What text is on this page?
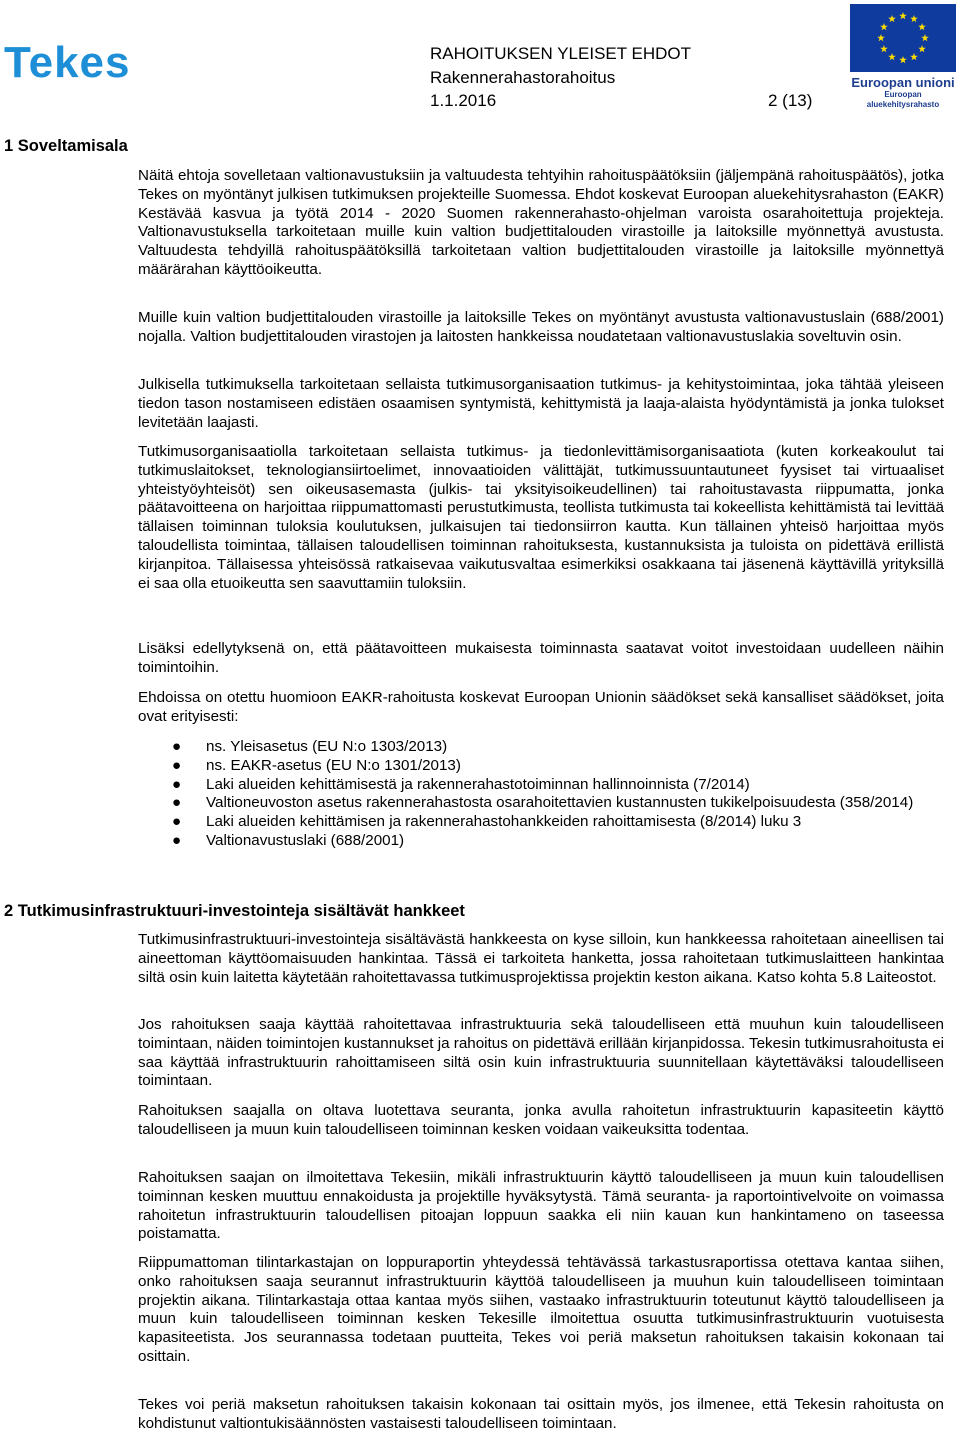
Tekes	RAHOITUKSEN YLEISET EHDOT
Rakennerahastorahoitus
1.1.2016	2 (13)
Euroopan unioni
Euroopan aluekehitysrahasto
1 Soveltamisala
Näitä ehtoja sovelletaan valtionavustuksiin ja valtuudesta tehtyihin rahoituspäätöksiin (jäljempänä rahoituspäätös), jotka Tekes on myöntänyt julkisen tutkimuksen projekteille Suomessa. Ehdot koskevat Euroopan aluekehitysrahaston (EAKR) Kestävää kasvua ja työtä 2014 - 2020 Suomen rakennerahasto-ohjelman varoista osarahoitettuja projekteja. Valtionavustuksella tarkoitetaan muille kuin valtion budjettitalouden virastoille ja laitoksille myönnettyä avustusta. Valtuudesta tehdyillä rahoituspäätöksillä tarkoitetaan valtion budjettitalouden virastoille ja laitoksille myönnettyä määrärahan käyttöoikeutta.
Muille kuin valtion budjettitalouden virastoille ja laitoksille Tekes on myöntänyt avustusta valtionavustuslain (688/2001) nojalla. Valtion budjettitalouden virastojen ja laitosten hankkeissa noudatetaan valtionavustuslakia soveltuvin osin.
Julkisella tutkimuksella tarkoitetaan sellaista tutkimusorganisaation tutkimus- ja kehitystoimintaa, joka tähtää yleiseen tiedon tason nostamiseen edistäen osaamisen syntymistä, kehittymistä ja laaja-alaista hyödyntämistä ja jonka tulokset levitetään laajasti.
Tutkimusorganisaatiolla tarkoitetaan sellaista tutkimus- ja tiedonlevittämisorganisaatiota (kuten korkeakoulut tai tutkimuslaitokset, teknologiansiirtoelimet, innovaatioiden välittäjät, tutkimussuuntautuneet fyysiset tai virtuaaliset yhteistyöyhteisöt) sen oikeusasemasta (julkis- tai yksityisoikeudellinen) tai rahoitustavasta riippumatta, jonka päätavoitteena on harjoittaa riippumattomasti perustutkimusta, teollista tutkimusta tai kokeellista kehittämistä tai levittää tällaisen toiminnan tuloksia koulutuksen, julkaisujen tai tiedonsiirron kautta. Kun tällainen yhteisö harjoittaa myös taloudellista toimintaa, tällaisen taloudellisen toiminnan rahoituksesta, kustannuksista ja tuloista on pidettävä erillistä kirjanpitoa. Tällaisessa yhteisössä ratkaisevaa vaikutusvaltaa esimerkiksi osakkaana tai jäsenenä käyttävillä yrityksillä ei saa olla etuoikeutta sen saavuttamiin tuloksiin.
Lisäksi edellytyksenä on, että päätavoitteen mukaisesta toiminnasta saatavat voitot investoidaan uudelleen näihin toimintoihin.
Ehdoissa on otettu huomioon EAKR-rahoitusta koskevat Euroopan Unionin säädökset sekä kansalliset säädökset, joita ovat erityisesti:
● ns. Yleisasetus (EU N:o 1303/2013)
● ns. EAKR-asetus (EU N:o 1301/2013)
● Laki alueiden kehittämisestä ja rakennerahastotoiminnan hallinnoinnista (7/2014)
● Valtioneuvoston asetus rakennerahastosta osarahoitettavien kustannusten tukikelpoisuudesta (358/2014)
● Laki alueiden kehittämisen ja rakennerahastohankkeiden rahoittamisesta (8/2014) luku 3
● Valtionavustuslaki (688/2001)
2 Tutkimusinfrastruktuuri-investointeja sisältävät hankkeet
Tutkimusinfrastruktuuri-investointeja sisältävästä hankkeesta on kyse silloin, kun hankkeessa rahoitetaan aineellisen tai aineettoman käyttöomaisuuden hankintaa. Tässä ei tarkoiteta hanketta, jossa rahoitetaan tutkimuslaitteen hankintaa siltä osin kuin laitetta käytetään rahoitettavassa tutkimusprojektissa projektin keston aikana. Katso kohta 5.8 Laiteostot.
Jos rahoituksen saaja käyttää rahoitettavaa infrastruktuuria sekä taloudelliseen että muuhun kuin taloudelliseen toimintaan, näiden toimintojen kustannukset ja rahoitus on pidettävä erillään kirjanpidossa. Tekesin tutkimusrahoitusta ei saa käyttää infrastruktuurin rahoittamiseen siltä osin kuin infrastruktuuria suunnitellaan käytettäväksi taloudelliseen toimintaan.
Rahoituksen saajalla on oltava luotettava seuranta, jonka avulla rahoitetun infrastruktuurin kapasiteetin käyttö taloudelliseen ja muun kuin taloudelliseen toiminnan kesken voidaan vaikeuksitta todentaa.
Rahoituksen saajan on ilmoitettava Tekesiin, mikäli infrastruktuurin käyttö taloudelliseen ja muun kuin taloudellisen toiminnan kesken muuttuu ennakoidusta ja projektille hyväksytystä. Tämä seuranta- ja raportointivelvoite on voimassa rahoitetun infrastruktuurin taloudellisen pitoajan loppuun saakka eli niin kauan kun hankintameno on taseessa poistamatta.
Riippumattoman tilintarkastajan on loppuraportin yhteydessä tehtävässä tarkastusraportissa otettava kantaa siihen, onko rahoituksen saaja seurannut infrastruktuurin käyttöä taloudelliseen ja muuhun kuin taloudelliseen toimintaan projektin aikana. Tilintarkastaja ottaa kantaa myös siihen, vastaako infrastruktuurin toteutunut käyttö taloudelliseen ja muun kuin taloudelliseen toiminnan kesken Tekesille ilmoitettua osuutta tutkimusinfrastruktuurin vuotuisesta kapasiteetista. Jos seurannassa todetaan puutteita, Tekes voi periä maksetun rahoituksen takaisin kokonaan tai osittain.
Tekes voi periä maksetun rahoituksen takaisin kokonaan tai osittain myös, jos ilmenee, että Tekesin rahoitusta on kohdistunut valtiontukisäännösten vastaisesti taloudelliseen toimintaan.
